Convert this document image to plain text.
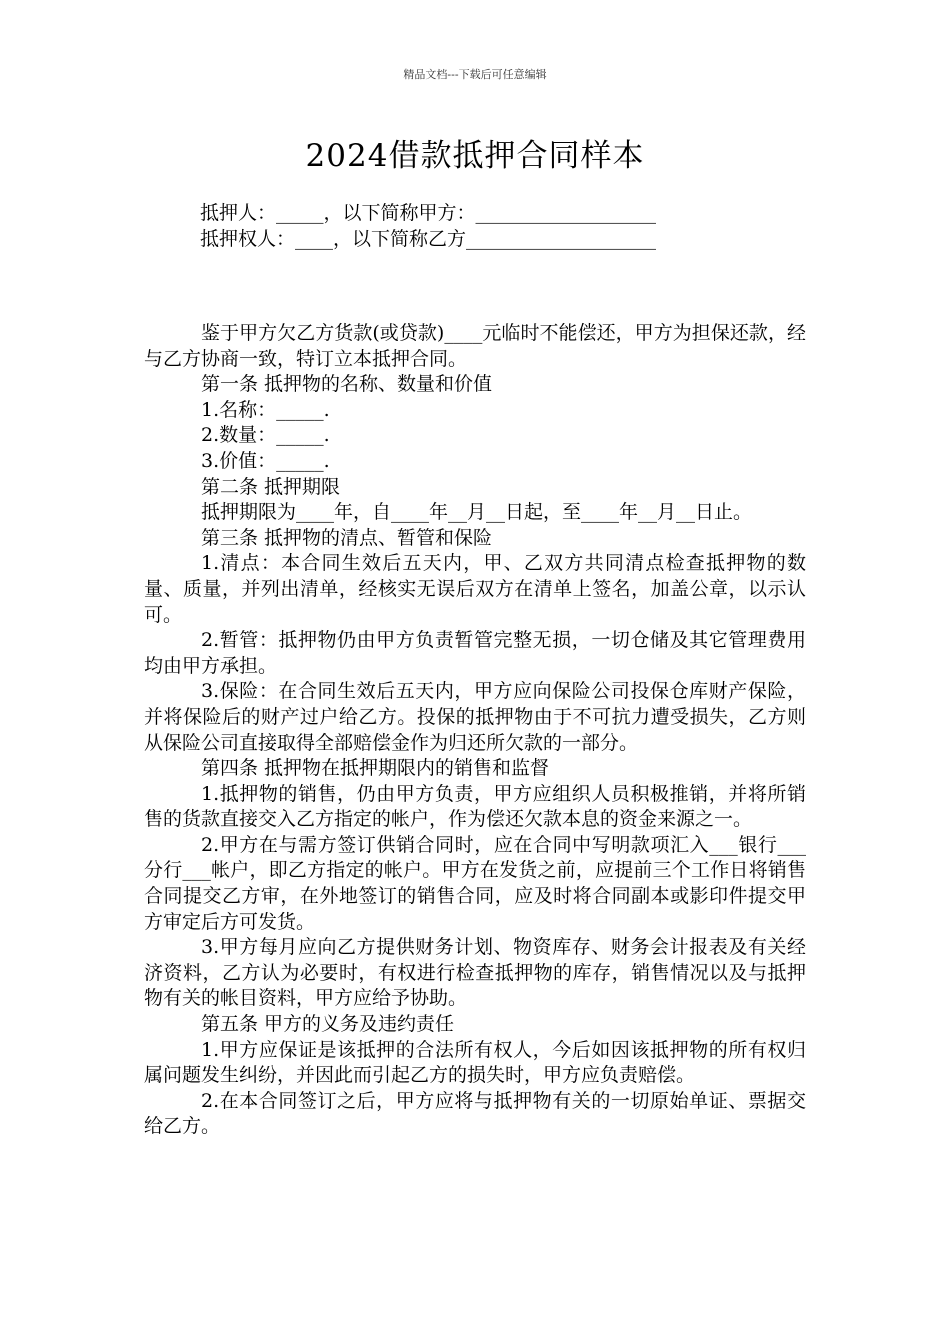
精品文档---下载后可任意编辑
2024借款抵押合同样本
抵押人：_____，以下简称甲方：___________________
抵押权人：____，以下简称乙方____________________

鉴于甲方欠乙方货款(或贷款)____元临时不能偿还，甲方为担保还款，经与乙方协商一致，特订立本抵押合同。

第一条 抵押物的名称、数量和价值

1.名称：_____.

2.数量：_____.

3.价值：_____.

第二条 抵押期限

抵押期限为____年，自____年__月__日起，至____年__月__日止。

第三条 抵押物的清点、暂管和保险

1.清点：本合同生效后五天内，甲、乙双方共同清点检查抵押物的数量、质量，并列出清单，经核实无误后双方在清单上签名，加盖公章，以示认可。

2.暂管：抵押物仍由甲方负责暂管完整无损，一切仓储及其它管理费用均由甲方承担。

3.保险：在合同生效后五天内，甲方应向保险公司投保仓库财产保险，并将保险后的财产过户给乙方。投保的抵押物由于不可抗力遭受损失，乙方则从保险公司直接取得全部赔偿金作为归还所欠款的一部分。

第四条 抵押物在抵押期限内的销售和监督

1.抵押物的销售，仍由甲方负责，甲方应组织人员积极推销，并将所销售的货款直接交入乙方指定的帐户，作为偿还欠款本息的资金来源之一。

2.甲方在与需方签订供销合同时，应在合同中写明款项汇入___银行___分行___帐户，即乙方指定的帐户。甲方在发货之前，应提前三个工作日将销售合同提交乙方审，在外地签订的销售合同，应及时将合同副本或影印件提交甲方审定后方可发货。

3.甲方每月应向乙方提供财务计划、物资库存、财务会计报表及有关经济资料，乙方认为必要时，有权进行检查抵押物的库存，销售情况以及与抵押物有关的帐目资料，甲方应给予协助。

第五条 甲方的义务及违约责任

1.甲方应保证是该抵押的合法所有权人，今后如因该抵押物的所有权归属问题发生纠纷，并因此而引起乙方的损失时，甲方应负责赔偿。

2.在本合同签订之后，甲方应将与抵押物有关的一切原始单证、票据交给乙方。
